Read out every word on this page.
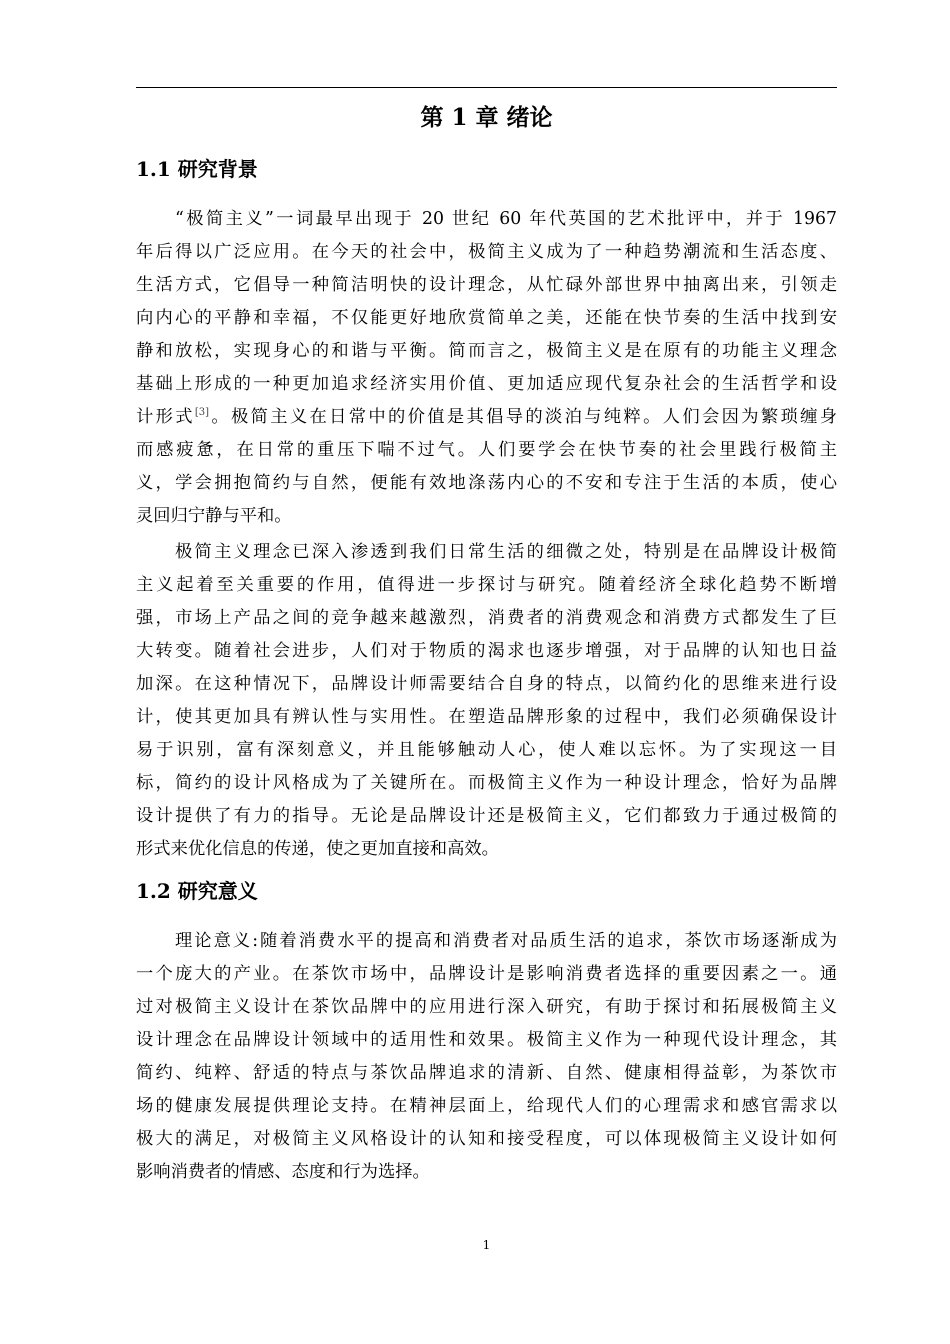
第 1 章 绪论
1.1 研究背景
“极简主义”一词最早出现于 20 世纪 60 年代英国的艺术批评中，并于 1967
年后得以广泛应用。在今天的社会中，极简主义成为了一种趋势潮流和生活态度、
生活方式，它倡导一种简洁明快的设计理念，从忙碌外部世界中抽离出来，引领走
向内心的平静和幸福，不仅能更好地欣赏简单之美，还能在快节奏的生活中找到安
静和放松，实现身心的和谐与平衡。简而言之，极简主义是在原有的功能主义理念
基础上形成的一种更加追求经济实用价值、更加适应现代复杂社会的生活哲学和设
计形式[3]。极简主义在日常中的价值是其倡导的淡泊与纯粹。人们会因为繁琐缠身
而感疲惫，在日常的重压下喘不过气。人们要学会在快节奏的社会里践行极简主
义，学会拥抱简约与自然，便能有效地涤荡内心的不安和专注于生活的本质，使心
灵回归宁静与平和。
极简主义理念已深入渗透到我们日常生活的细微之处，特别是在品牌设计极简
主义起着至关重要的作用，值得进一步探讨与研究。随着经济全球化趋势不断增
强，市场上产品之间的竞争越来越激烈，消费者的消费观念和消费方式都发生了巨
大转变。随着社会进步，人们对于物质的渴求也逐步增强，对于品牌的认知也日益
加深。在这种情况下，品牌设计师需要结合自身的特点，以简约化的思维来进行设
计，使其更加具有辨认性与实用性。在塑造品牌形象的过程中，我们必须确保设计
易于识别，富有深刻意义，并且能够触动人心，使人难以忘怀。为了实现这一目
标，简约的设计风格成为了关键所在。而极简主义作为一种设计理念，恰好为品牌
设计提供了有力的指导。无论是品牌设计还是极简主义，它们都致力于通过极简的
形式来优化信息的传递，使之更加直接和高效。
1.2 研究意义
理论意义:随着消费水平的提高和消费者对品质生活的追求，茶饮市场逐渐成为
一个庞大的产业。在茶饮市场中，品牌设计是影响消费者选择的重要因素之一。通
过对极简主义设计在茶饮品牌中的应用进行深入研究，有助于探讨和拓展极简主义
设计理念在品牌设计领域中的适用性和效果。极简主义作为一种现代设计理念，其
简约、纯粹、舒适的特点与茶饮品牌追求的清新、自然、健康相得益彰，为茶饮市
场的健康发展提供理论支持。在精神层面上，给现代人们的心理需求和感官需求以
极大的满足，对极简主义风格设计的认知和接受程度，可以体现极简主义设计如何
影响消费者的情感、态度和行为选择。
1
